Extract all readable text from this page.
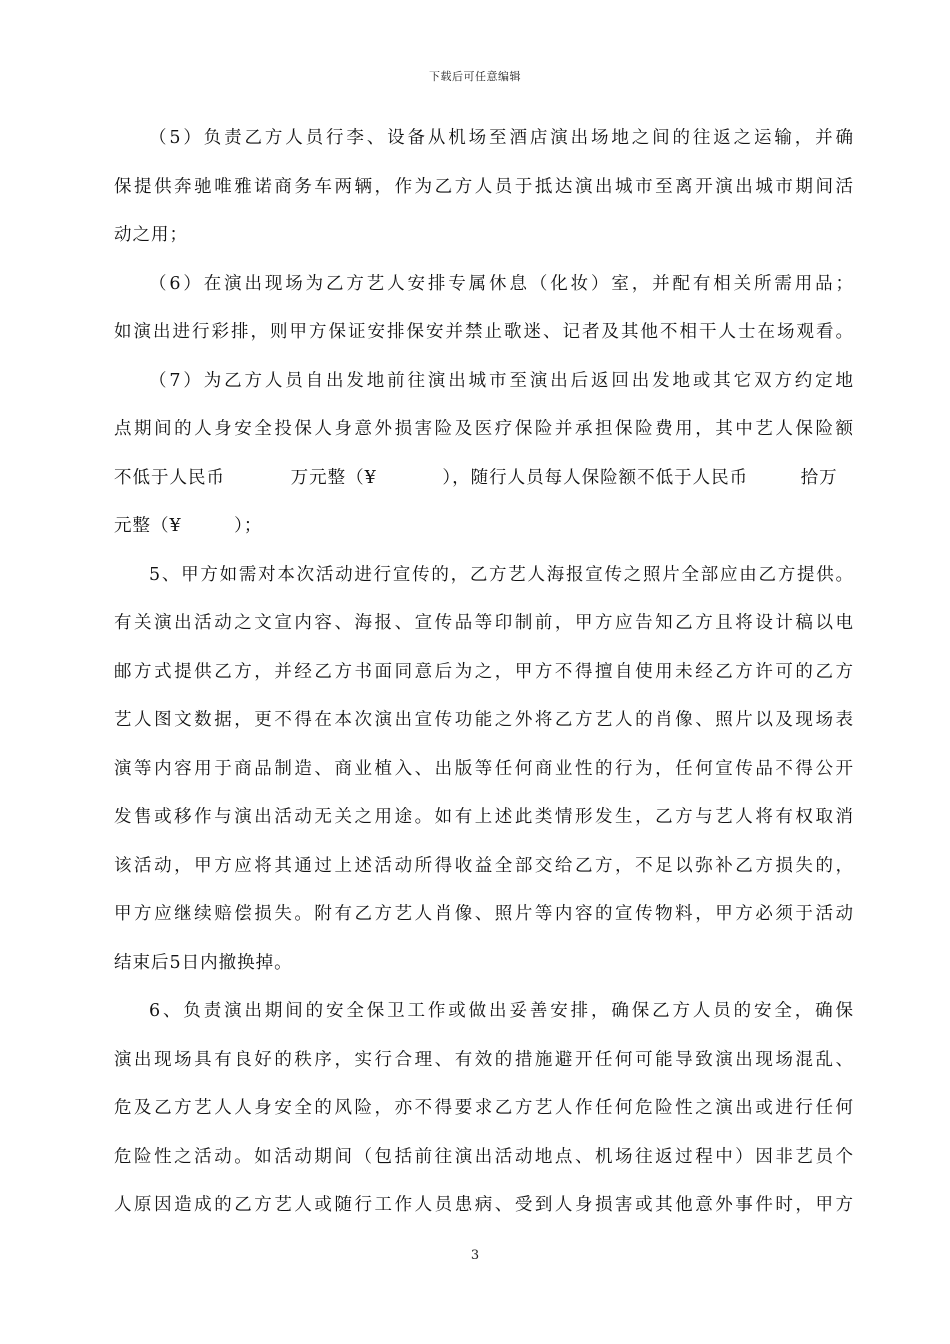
下载后可任意编辑
（5）负责乙方人员行李、设备从机场至酒店演出场地之间的往返之运输，并确
保提供奔驰唯雅诺商务车两辆，作为乙方人员于抵达演出城市至离开演出城市期间活
动之用；
（6）在演出现场为乙方艺人安排专属休息（化妆）室，并配有相关所需用品；
如演出进行彩排，则甲方保证安排保安并禁止歌迷、记者及其他不相干人士在场观看。
（7）为乙方人员自出发地前往演出城市至演出后返回出发地或其它双方约定地
点期间的人身安全投保人身意外损害险及医疗保险并承担保险费用，其中艺人保险额
不低于人民币          万元整（¥          ），随行人员每人保险额不低于人民币        拾万
元整（¥        ）；
5、甲方如需对本次活动进行宣传的，乙方艺人海报宣传之照片全部应由乙方提供。
有关演出活动之文宣内容、海报、宣传品等印制前，甲方应告知乙方且将设计稿以电
邮方式提供乙方，并经乙方书面同意后为之，甲方不得擅自使用未经乙方许可的乙方
艺人图文数据，更不得在本次演出宣传功能之外将乙方艺人的肖像、照片以及现场表
演等内容用于商品制造、商业植入、出版等任何商业性的行为，任何宣传品不得公开
发售或移作与演出活动无关之用途。如有上述此类情形发生，乙方与艺人将有权取消
该活动，甲方应将其通过上述活动所得收益全部交给乙方，不足以弥补乙方损失的，
甲方应继续赔偿损失。附有乙方艺人肖像、照片等内容的宣传物料，甲方必须于活动
结束后5日内撤换掉。
6、负责演出期间的安全保卫工作或做出妥善安排，确保乙方人员的安全，确保
演出现场具有良好的秩序，实行合理、有效的措施避开任何可能导致演出现场混乱、
危及乙方艺人人身安全的风险，亦不得要求乙方艺人作任何危险性之演出或进行任何
危险性之活动。如活动期间（包括前往演出活动地点、机场往返过程中）因非艺员个
人原因造成的乙方艺人或随行工作人员患病、受到人身损害或其他意外事件时，甲方
3
